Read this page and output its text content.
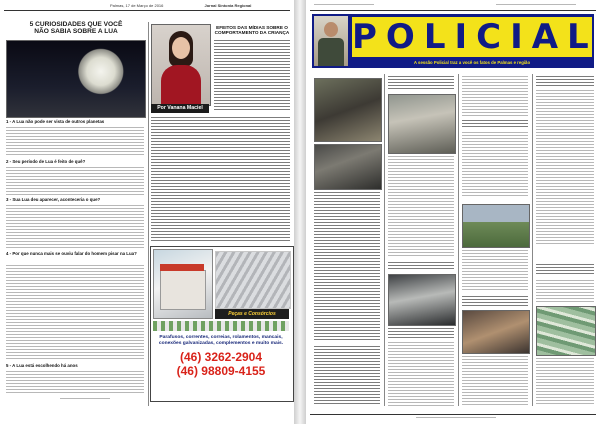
Palmas, 17 de Março de 2016	Jornal Sintonia Regional
5 CURIOSIDADES QUE VOCÊ
NÃO SABIA SOBRE A LUA
1 - A Lua não pode ser vista de outros planetas
2 - Seu período de Lua é feito de quê?
3 - Sua Lua deu aparecer, aconteceria o que?
4 - Por que nunca mais se ouviu falar do homem pisar na Lua?
5 - A Lua está escolhendo há anos
Por Vanana Maciel
EFEITOS DAS MÍDIAS SOBRE O
COMPORTAMENTO DA CRIANÇA
Peças e Consórcios
Parafusos, correntes, correias, rolamentos, mancais,
conexões galvanizadas, complementos e muito mais.
(46) 3262-2904
(46) 98809-4155
POLICIAL
A sessão Policial traz a você os fatos de Palmas e região
